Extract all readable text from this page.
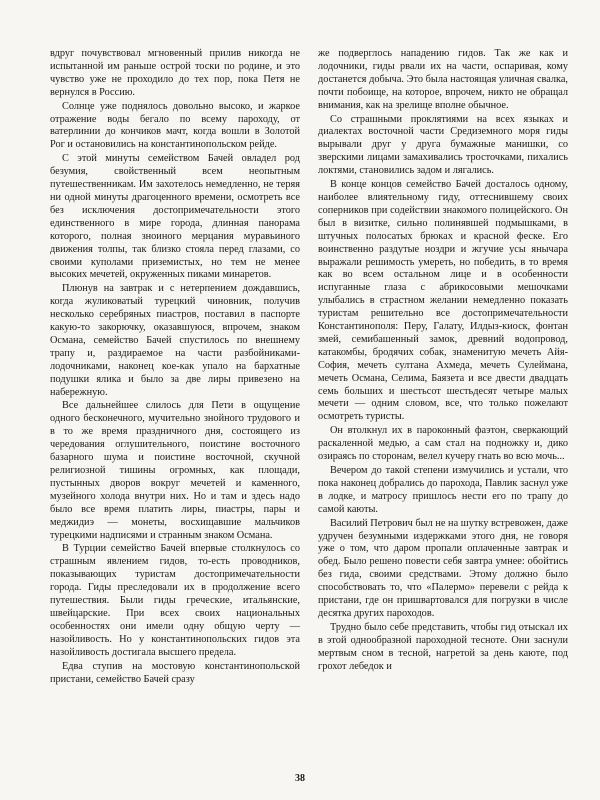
вдруг почувствовал мгновенный прилив никогда не испытанной им раньше острой тоски по родине, и это чувство уже не проходило до тех пор, пока Петя не вернулся в Россию.

Солнце уже поднялось довольно высоко, и жаркое отражение воды бегало по всему пароходу, от ватерлинии до кончиков мачт, когда вошли в Золотой Рог и остановились на константинопольском рейде.

С этой минуты семейством Бачей овладел род безумия, свойственный всем неопытным путешественникам. Им захотелось немедленно, не теряя ни одной минуты драгоценного времени, осмотреть все без исключения достопримечательности этого единственного в мире города, длинная панорама которого, полная зноиного мерцания муравьиного движения толпы, так близко стояла перед глазами, со своими куполами приземистых, но тем не менее высоких мечетей, окруженных пиками минаретов.

Плюнув на завтрак и с нетерпением дождавшись, когда жуликоватый турецкий чиновник, получив несколько серебряных пиастров, поставил в паспорте какую-то закорючку, оказавшуюся, впрочем, знаком Османа, семейство Бачей спустилось по внешнему трапу и, раздираемое на части разбойниками-лодочниками, наконец кое-как упало на бархатные подушки ялика и было за две лиры привезено на набережную.

Все дальнейшее слилось для Пети в ощущение одного бесконечного, мучительно знойного трудового и в то же время праздничного дня, состоящего из чередования оглушительного, поистине восточного базарного шума и поистине восточной, скучной религиозной тишины огромных, как площади, пустынных дворов вокруг мечетей и каменного, музейного холода внутри них. Но и там и здесь надо было все время платить лиры, пиастры, пары и меджидиэ — монеты, восхищавшие мальчиков турецкими надписями и странным знаком Османа.

В Турции семейство Бачей впервые столкнулось со страшным явлением гидов, то-есть проводников, показывающих туристам достопримечательности города. Гиды преследовали их в продолжение всего путешествия. Были гиды греческие, итальянские, швейцарские. При всех своих национальных особенностях они имели одну общую черту — назойливость. Но у константинопольских гидов эта назойливость достигала высшего предела.

Едва ступив на мостовую константинопольской пристани, семейство Бачей сразу

же подверглось нападению гидов. Так же как и лодочники, гиды рвали их на части, оспаривая, кому достанется добыча. Это была настоящая уличная свалка, почти побоище, на которое, впрочем, никто не обращал внимания, как на зрелище вполне обычное.

Со страшными проклятиями на всех языках и диалектах восточной части Средиземного моря гиды вырывали друг у друга бумажные манишки, со зверскими лицами замахивались тросточками, пихались локтями, становились задом и лягались.

В конце концов семейство Бачей досталось одному, наиболее влиятельному гиду, оттеснившему своих соперников при содействии знакомого полицейского. Он был в визитке, сильно полинявшей подмышками, в штучных полосатых брюках и красной феске. Его воинственно раздутые ноздри и жгучие усы янычара выражали решимость умереть, но победить, в то время как во всем остальном лице и в особенности испуганные глаза с абрикосовыми мешочками улыбались в страстном желании немедленно показать туристам решительно все достопримечательности Константинополя: Перу, Галату, Илдыз-киоск, фонтан змей, семибашенный замок, древний водопровод, катакомбы, бродячих собак, знаменитую мечеть Айя-София, мечеть султана Ахмеда, мечеть Сулеймана, мечеть Османа, Селима, Баязета и все двести двадцать семь больших и шестьсот шестьдесят четыре малых мечети — одним словом, все, что только пожелают осмотреть туристы.

Он втолкнул их в пароконный фаэтон, сверкающий раскаленной медью, а сам стал на подножку и, дико озираясь по сторонам, велел кучеру гнать во всю мочь...

Вечером до такой степени измучились и устали, что пока наконец добрались до парохода, Павлик заснул уже в лодке, и матросу пришлось нести его по трапу до самой каюты.

Василий Петрович был не на шутку встревожен, даже удручен безумными издержками этого дня, не говоря уже о том, что даром пропали оплаченные завтрак и обед. Было решено повести себя завтра умнее: обойтись без гида, своими средствами. Этому должно было способствовать то, что «Палермо» перевели с рейда к пристани, где он пришвартовался для погрузки в числе десятка других пароходов.

Трудно было себе представить, чтобы гид отыскал их в этой однообразной пароходной тесноте. Они заснули мертвым сном в тесной, нагретой за день каюте, под грохот лебедок и

38
